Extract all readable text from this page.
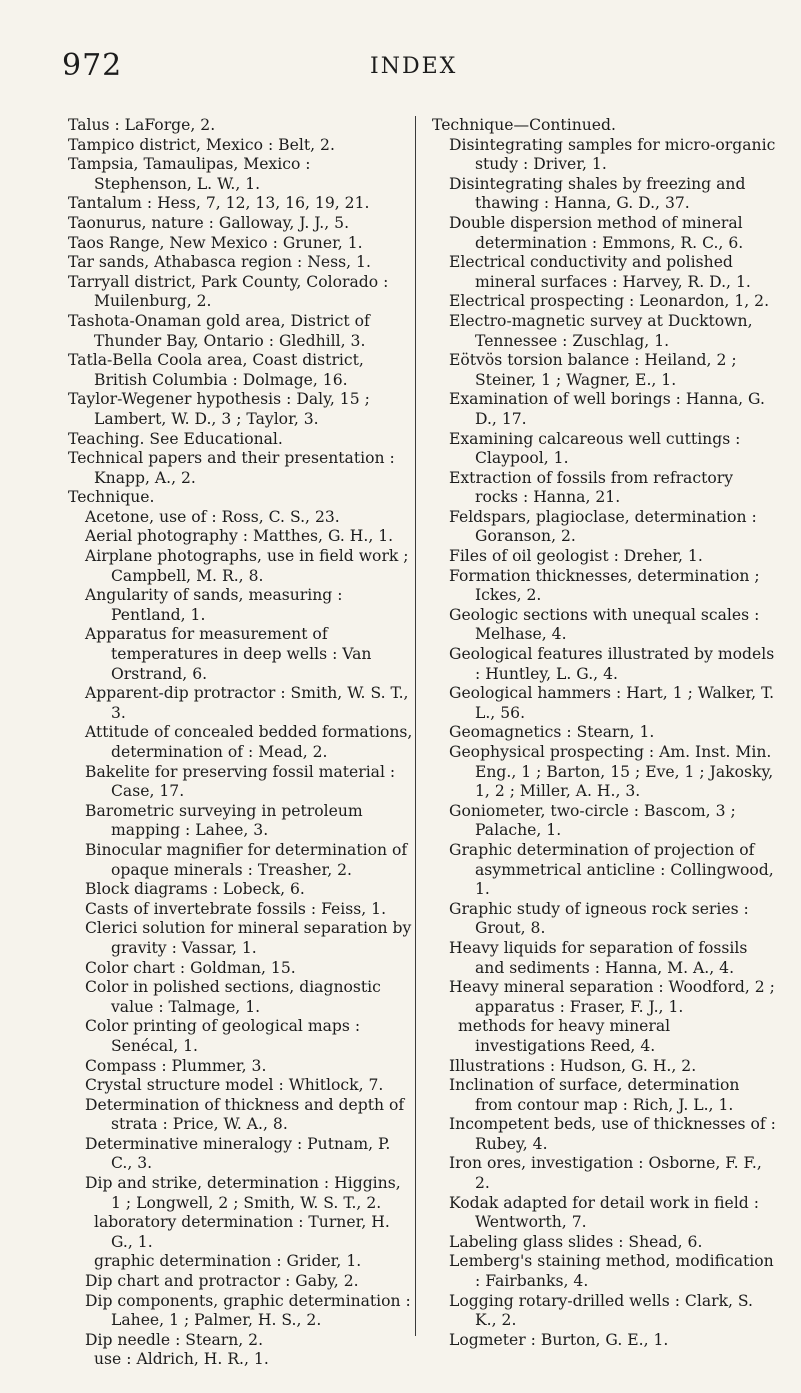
972	INDEX
Talus : LaForge, 2.
Tampico district, Mexico : Belt, 2.
Tampsia, Tamaulipas, Mexico : Stephenson, L. W., 1.
Tantalum : Hess, 7, 12, 13, 16, 19, 21.
Taonurus, nature : Galloway, J. J., 5.
Taos Range, New Mexico : Gruner, 1.
Tar sands, Athabasca region : Ness, 1.
Tarryall district, Park County, Colorado : Muilenburg, 2.
Tashota-Onaman gold area, District of Thunder Bay, Ontario : Gledhill, 3.
Tatla-Bella Coola area, Coast district, British Columbia : Dolmage, 16.
Taylor-Wegener hypothesis : Daly, 15 ; Lambert, W. D., 3 ; Taylor, 3.
Teaching. See Educational.
Technical papers and their presentation : Knapp, A., 2.
Technique.
Acetone, use of : Ross, C. S., 23.
Aerial photography : Matthes, G. H., 1.
Airplane photographs, use in field work ; Campbell, M. R., 8.
Angularity of sands, measuring : Pentland, 1.
Apparatus for measurement of temperatures in deep wells : Van Orstrand, 6.
Apparent-dip protractor : Smith, W. S. T., 3.
Attitude of concealed bedded formations, determination of : Mead, 2.
Bakelite for preserving fossil material : Case, 17.
Barometric surveying in petroleum mapping : Lahee, 3.
Binocular magnifier for determination of opaque minerals : Treasher, 2.
Block diagrams : Lobeck, 6.
Casts of invertebrate fossils : Feiss, 1.
Clerici solution for mineral separation by gravity : Vassar, 1.
Color chart : Goldman, 15.
Color in polished sections, diagnostic value : Talmage, 1.
Color printing of geological maps : Senécal, 1.
Compass : Plummer, 3.
Crystal structure model : Whitlock, 7.
Determination of thickness and depth of strata : Price, W. A., 8.
Determinative mineralogy : Putnam, P. C., 3.
Dip and strike, determination : Higgins, 1 ; Longwell, 2 ; Smith, W. S. T., 2.
laboratory determination : Turner, H. G., 1.
graphic determination : Grider, 1.
Dip chart and protractor : Gaby, 2.
Dip components, graphic determination : Lahee, 1 ; Palmer, H. S., 2.
Dip needle : Stearn, 2.
use : Aldrich, H. R., 1.
Technique—Continued.
Disintegrating samples for micro-organic study : Driver, 1.
Disintegrating shales by freezing and thawing : Hanna, G. D., 37.
Double dispersion method of mineral determination : Emmons, R. C., 6.
Electrical conductivity and polished mineral surfaces : Harvey, R. D., 1.
Electrical prospecting : Leonardon, 1, 2.
Electro-magnetic survey at Ducktown, Tennessee : Zuschlag, 1.
Eötvös torsion balance : Heiland, 2 ; Steiner, 1 ; Wagner, E., 1.
Examination of well borings : Hanna, G. D., 17.
Examining calcareous well cuttings : Claypool, 1.
Extraction of fossils from refractory rocks : Hanna, 21.
Feldspars, plagioclase, determination : Goranson, 2.
Files of oil geologist : Dreher, 1.
Formation thicknesses, determination ; Ickes, 2.
Geologic sections with unequal scales : Melhase, 4.
Geological features illustrated by models : Huntley, L. G., 4.
Geological hammers : Hart, 1 ; Walker, T. L., 56.
Geomagnetics : Stearn, 1.
Geophysical prospecting : Am. Inst. Min. Eng., 1 ; Barton, 15 ; Eve, 1 ; Jakosky, 1, 2 ; Miller, A. H., 3.
Goniometer, two-circle : Bascom, 3 ; Palache, 1.
Graphic determination of projection of asymmetrical anticline : Collingwood, 1.
Graphic study of igneous rock series : Grout, 8.
Heavy liquids for separation of fossils and sediments : Hanna, M. A., 4.
Heavy mineral separation : Woodford, 2 ; apparatus : Fraser, F. J., 1.
methods for heavy mineral investigations Reed, 4.
Illustrations : Hudson, G. H., 2.
Inclination of surface, determination from contour map : Rich, J. L., 1.
Incompetent beds, use of thicknesses of : Rubey, 4.
Iron ores, investigation : Osborne, F. F., 2.
Kodak adapted for detail work in field : Wentworth, 7.
Labeling glass slides : Shead, 6.
Lemberg's staining method, modification : Fairbanks, 4.
Logging rotary-drilled wells : Clark, S. K., 2.
Logmeter : Burton, G. E., 1.
